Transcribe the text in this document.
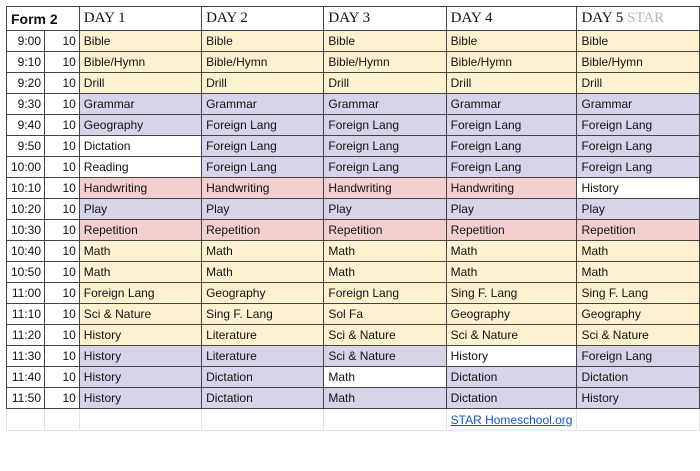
Form 2		DAY 1	DAY 2	DAY 3	DAY 4	DAY 5 STAR
9:00	10	Bible	Bible	Bible	Bible	Bible
9:10	10	Bible/Hymn	Bible/Hymn	Bible/Hymn	Bible/Hymn	Bible/Hymn
9:20	10	Drill	Drill	Drill	Drill	Drill
9:30	10	Grammar	Grammar	Grammar	Grammar	Grammar
9:40	10	Geography	Foreign Lang	Foreign Lang	Foreign Lang	Foreign Lang
9:50	10	Dictation	Foreign Lang	Foreign Lang	Foreign Lang	Foreign Lang
10:00	10	Reading	Foreign Lang	Foreign Lang	Foreign Lang	Foreign Lang
10:10	10	Handwriting	Handwriting	Handwriting	Handwriting	History
10:20	10	Play	Play	Play	Play	Play
10:30	10	Repetition	Repetition	Repetition	Repetition	Repetition
10:40	10	Math	Math	Math	Math	Math
10:50	10	Math	Math	Math	Math	Math
11:00	10	Foreign Lang	Geography	Foreign Lang	Sing F. Lang	Sing F. Lang
11:10	10	Sci & Nature	Sing F. Lang	Sol Fa	Geography	Geography
11:20	10	History	Literature	Sci & Nature	Sci & Nature	Sci & Nature
11:30	10	History	Literature	Sci & Nature	History	Foreign Lang
11:40	10	History	Dictation	Math	Dictation	Dictation
11:50	10	History	Dictation	Math	Dictation	History
					STAR Homeschool.org	
